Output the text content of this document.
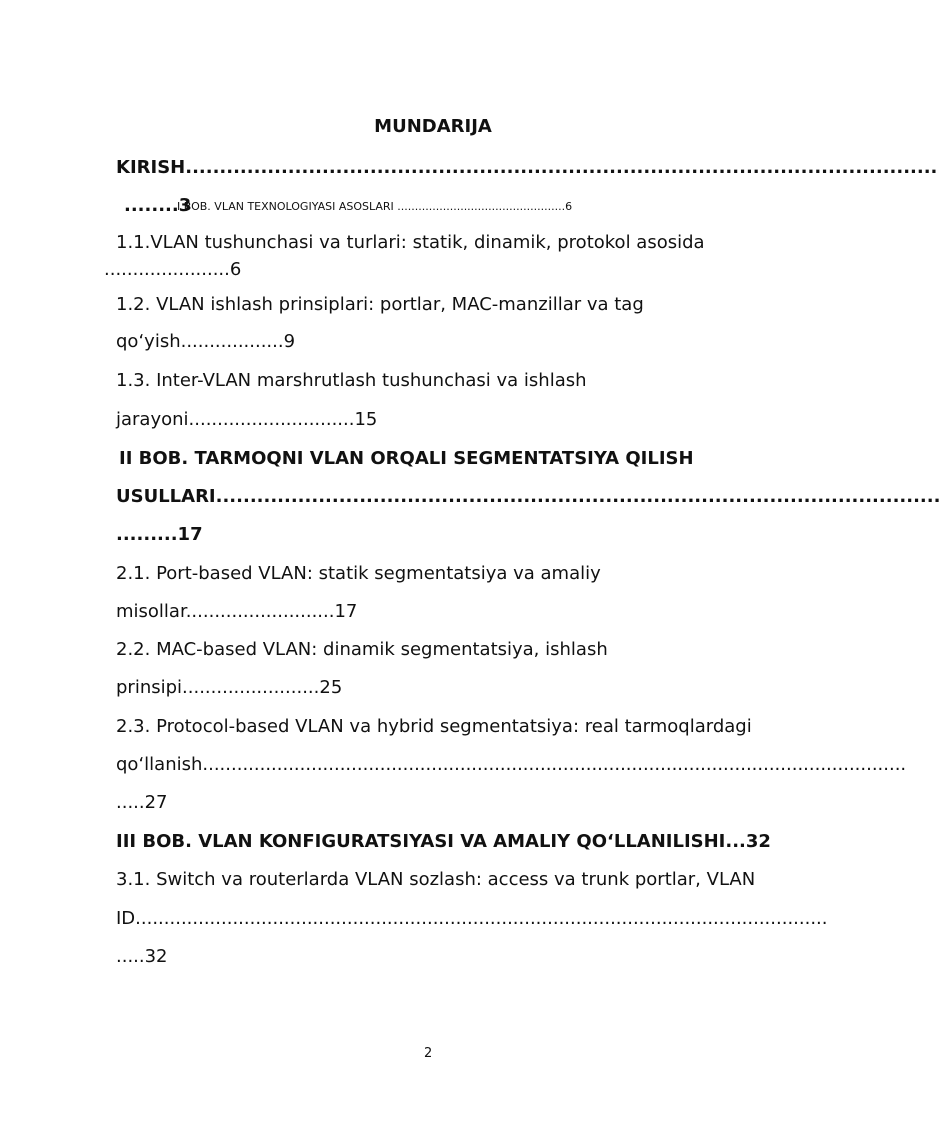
MUNDARIJA
KIRISH..............................................................................................................
........3
I BOB. VLAN TEXNOLOGIYASI ASOSLARI ................................................6
1.1.VLAN tushunchasi va turlari: statik, dinamik, protokol asosida
......................6
1.2. VLAN ishlash prinsiplari: portlar, MAC-manzillar va tag
qo‘yish..................9
1.3. Inter-VLAN marshrutlash tushunchasi va ishlash
jarayoni.............................15
II BOB. TARMOQNI VLAN ORQALI SEGMENTATSIYA QILISH
USULLARI..........................................................................................................
.........17
2.1. Port-based VLAN: statik segmentatsiya va amaliy
misollar..........................17
2.2. MAC-based VLAN: dinamik segmentatsiya, ishlash
prinsipi........................25
2.3. Protocol-based VLAN va hybrid segmentatsiya: real tarmoqlardagi
qo‘llanish...........................................................................................................................
.....27
III BOB. VLAN KONFIGURATSIYASI VA AMALIY QO‘LLANILISHI...32
3.1. Switch va routerlarda VLAN sozlash: access va trunk portlar, VLAN
ID.........................................................................................................................
.....32
2
